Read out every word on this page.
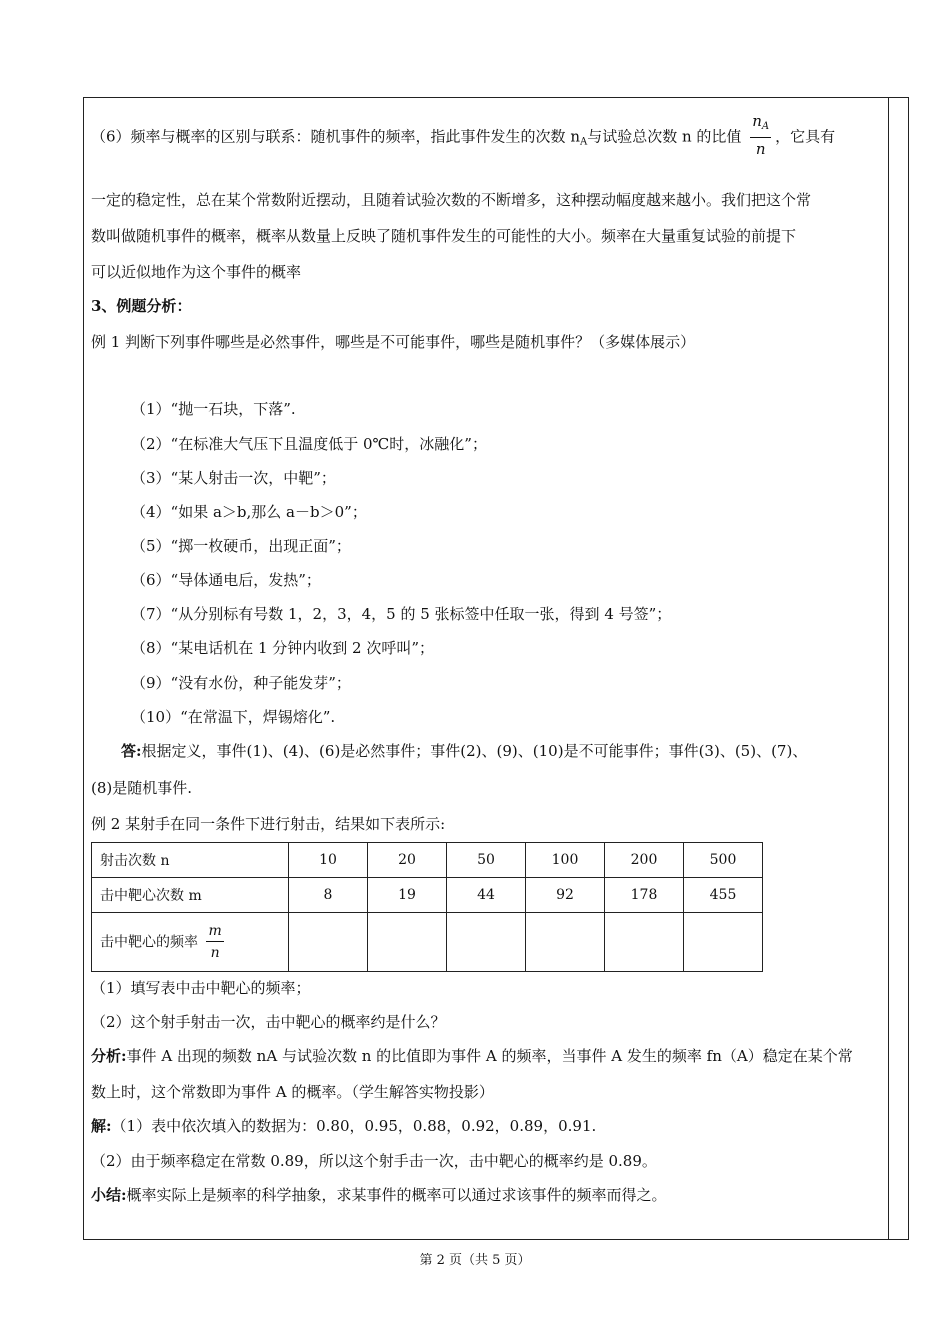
（6）频率与概率的区别与联系：随机事件的频率，指此事件发生的次数 $n_A$与试验总次数 n 的比值 $\frac{n_A}{n}$ ，它具有
一定的稳定性，总在某个常数附近摆动，且随着试验次数的不断增多，这种摆动幅度越来越小。我们把这个常
数叫做随机事件的概率，概率从数量上反映了随机事件发生的可能性的大小。频率在大量重复试验的前提下
可以近似地作为这个事件的概率
3、例题分析：
例 1 判断下列事件哪些是必然事件，哪些是不可能事件，哪些是随机事件？（多媒体展示）
（1）“抛一石块，下落”.
（2）“在标准大气压下且温度低于 0℃时，冰融化”；
（3）“某人射击一次，中靶”；
（4）“如果 a＞b,那么 a－b＞0”；
（5）“掷一枚硬币，出现正面”；
（6）“导体通电后，发热”；
（7）“从分别标有号数 1，2，3，4，5 的 5 张标签中任取一张，得到 4 号签”；
（8）“某电话机在 1 分钟内收到 2 次呼叫”；
（9）“没有水份，种子能发芽”；
（10）“在常温下，焊锡熔化”.
答:根据定义，事件(1)、(4)、(6)是必然事件；事件(2)、(9)、(10)是不可能事件；事件(3)、(5)、(7)、
(8)是随机事件.
例 2 某射手在同一条件下进行射击，结果如下表所示:
射击次数 n	10	20	50	100	200	500
击中靶心次数 m	8	19	44	92	178	455
击中靶心的频率 $\frac{m}{n}$

（1）填写表中击中靶心的频率；
（2）这个射手射击一次，击中靶心的概率约是什么？
分析:事件 A 出现的频数 nA 与试验次数 n 的比值即为事件 A 的频率，当事件 A 发生的频率 fn（A）稳定在某个常
数上时，这个常数即为事件 A 的概率。（学生解答实物投影）
解:（1）表中依次填入的数据为：0.80，0.95，0.88，0.92，0.89，0.91.
（2）由于频率稳定在常数 0.89，所以这个射手击一次，击中靶心的概率约是 0.89。
小结:概率实际上是频率的科学抽象，求某事件的概率可以通过求该事件的频率而得之。
第 2 页（共 5 页）
